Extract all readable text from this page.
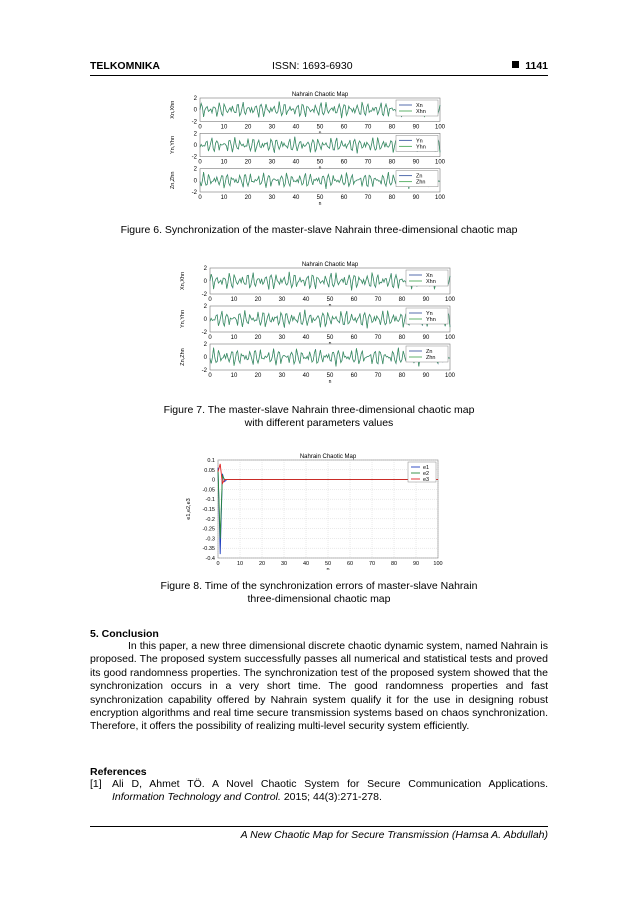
TELKOMNIKA	ISSN: 1693-6930	1141
Nahrain Chaotic Map
2
0
-2
0	10	20	30	40	50	60	70	80	90	100
Xn,Xhn	Xn
Xhn
2
0
-2
0	10	20	30	40	50	60	70	80	90	100
Yn,Yhn	Yn
Yhn
2
0
-2
0	10	20	30	40	50	60	70	80	90	100
n
Zn,Zhn	Zn
Zhn
Figure 6. Synchronization of the master-slave Nahrain three-dimensional chaotic map
Nahrain Chaotic Map
2
0
-2
0	10	20	30	40	50	60	70	80	90	100
Xn,Xhn	Xn
Xhn
2
0
-2
0	10	20	30	40	50	60	70	80	90	100
Yn,Yhn	Yn
Yhn
2
0
-2
0	10	20	30	40	50	60	70	80	90	100
n
Zn,Zhn	Zn
Zhn
Figure 7. The master-slave Nahrain three-dimensional chaotic map
with different parameters values
Nahrain Chaotic Map
0	10	20	30	40	50	60	70	80	90	100
0.1
0.05
0
-0.05
-0.1
-0.15
-0.2
-0.25
-0.3
-0.35
-0.4
n
e1,e2,e3
e1
e2
e3
Figure 8. Time of the synchronization errors of master-slave Nahrain
three-dimensional chaotic map
5. Conclusion

In this paper, a new three dimensional discrete chaotic dynamic system, named Nahrain is proposed. The proposed system successfully passes all numerical and statistical tests and proved its good randomness properties. The synchronization test of the proposed system showed that the synchronization occurs in a very short time. The good randomness properties and fast synchronization capability offered by Nahrain system qualify it for the use in designing robust encryption algorithms and real time secure transmission systems based on chaos synchronization. Therefore, it offers the possibility of realizing multi-level security system efficiently.

References
[1] Ali D, Ahmet TÖ. A Novel Chaotic System for Secure Communication Applications. Information Technology and Control. 2015; 44(3):271-278.
A New Chaotic Map for Secure Transmission (Hamsa A. Abdullah)
